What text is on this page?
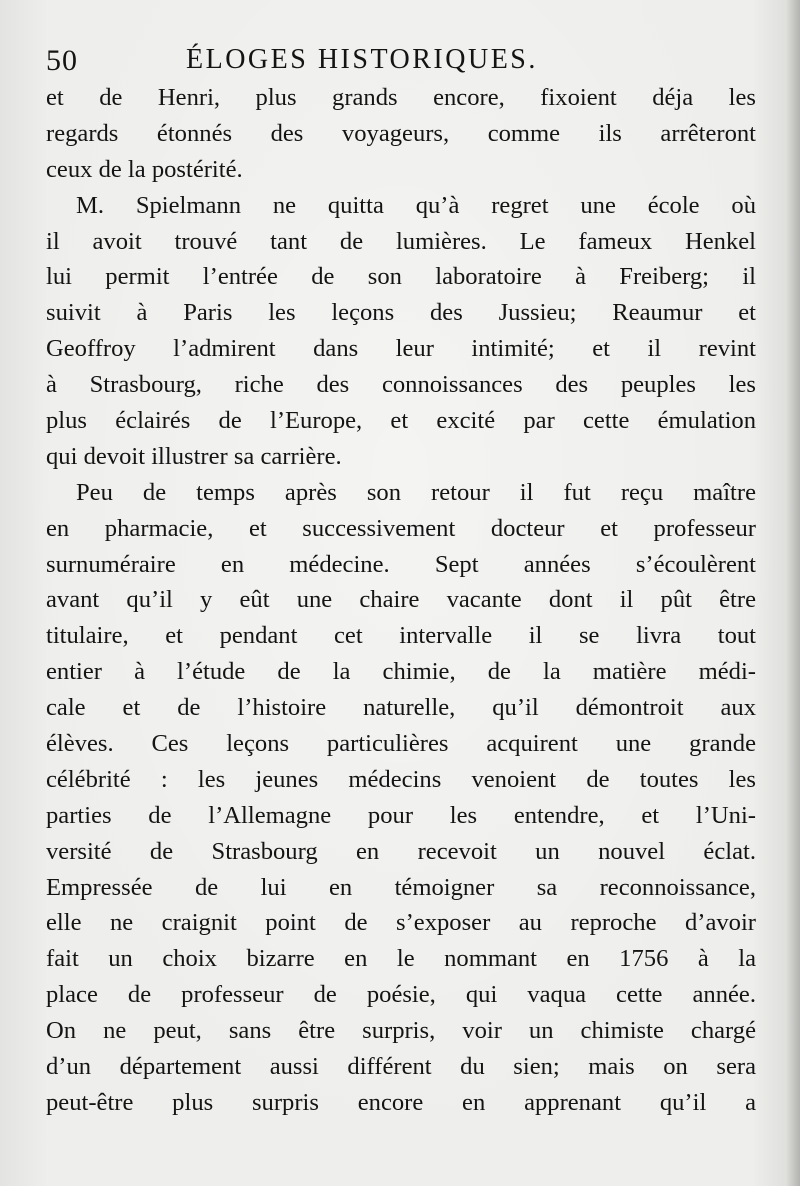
50	ÉLOGES HISTORIQUES.
et de Henri, plus grands encore, fixoient déja les
regards étonnés des voyageurs, comme ils arrêteront
ceux de la postérité.
M. Spielmann ne quitta qu’à regret une école où
il avoit trouvé tant de lumières. Le fameux Henkel
lui permit l’entrée de son laboratoire à Freiberg; il
suivit à Paris les leçons des Jussieu; Reaumur et
Geoffroy l’admirent dans leur intimité; et il revint
à Strasbourg, riche des connoissances des peuples les
plus éclairés de l’Europe, et excité par cette émulation
qui devoit illustrer sa carrière.
Peu de temps après son retour il fut reçu maître
en pharmacie, et successivement docteur et professeur
surnuméraire en médecine. Sept années s’écoulèrent
avant qu’il y eût une chaire vacante dont il pût être
titulaire, et pendant cet intervalle il se livra tout
entier à l’étude de la chimie, de la matière médi-
cale et de l’histoire naturelle, qu’il démontroit aux
élèves. Ces leçons particulières acquirent une grande
célébrité : les jeunes médecins venoient de toutes les
parties de l’Allemagne pour les entendre, et l’Uni-
versité de Strasbourg en recevoit un nouvel éclat.
Empressée de lui en témoigner sa reconnoissance,
elle ne craignit point de s’exposer au reproche d’avoir
fait un choix bizarre en le nommant en 1756 à la
place de professeur de poésie, qui vaqua cette année.
On ne peut, sans être surpris, voir un chimiste chargé
d’un département aussi différent du sien; mais on sera
peut-être plus surpris encore en apprenant qu’il a
